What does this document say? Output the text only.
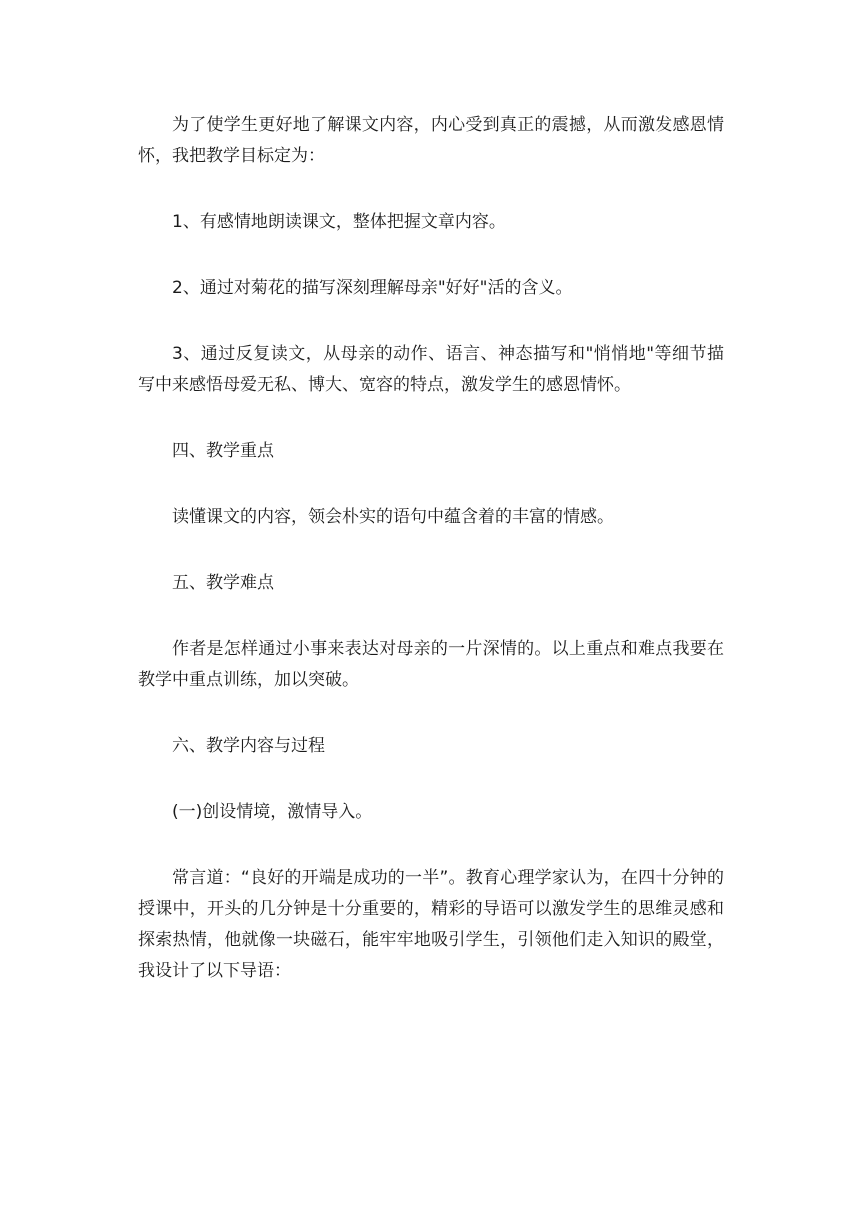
为了使学生更好地了解课文内容，内心受到真正的震撼，从而激发感恩情怀，我把教学目标定为：

1、有感情地朗读课文，整体把握文章内容。

2、通过对菊花的描写深刻理解母亲"好好"活的含义。

3、通过反复读文，从母亲的动作、语言、神态描写和"悄悄地"等细节描写中来感悟母爱无私、博大、宽容的特点，激发学生的感恩情怀。

四、教学重点

读懂课文的内容，领会朴实的语句中蕴含着的丰富的情感。

五、教学难点

作者是怎样通过小事来表达对母亲的一片深情的。以上重点和难点我要在教学中重点训练，加以突破。

六、教学内容与过程

(一)创设情境，激情导入。

常言道：“良好的开端是成功的一半”。教育心理学家认为，在四十分钟的授课中，开头的几分钟是十分重要的，精彩的导语可以激发学生的思维灵感和探索热情，他就像一块磁石，能牢牢地吸引学生，引领他们走入知识的殿堂，我设计了以下导语：
